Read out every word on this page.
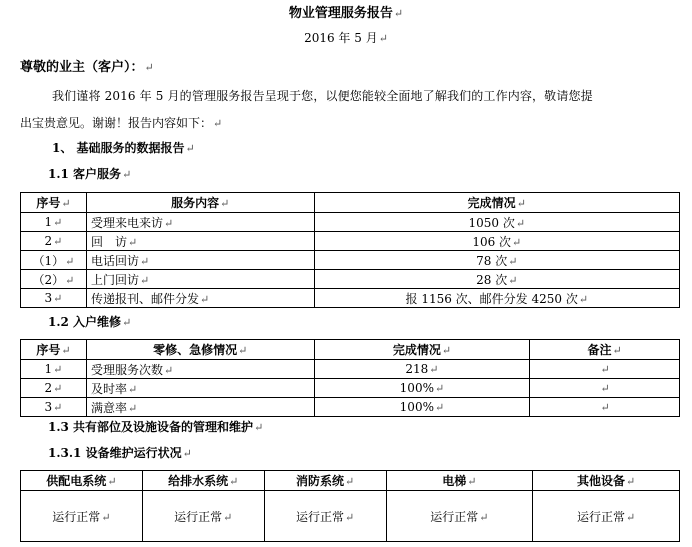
物业管理服务报告↵
2016 年 5 月↵
尊敬的业主（客户）：↵
我们谨将 2016 年 5 月的管理服务报告呈现于您，以便您能较全面地了解我们的工作内容，敬请您提
出宝贵意见。谢谢！报告内容如下：↵
1、 基础服务的数据报告↵
1.1 客户服务↵
序号↵	服务内容↵	完成情况↵
1↵	受理来电来访↵	1050 次↵
2↵	回　访↵	106 次↵
（1）↵	电话回访↵	78 次↵
（2）↵	上门回访↵	28 次↵
3↵	传递报刊、邮件分发↵	报 1156 次、邮件分发 4250 次↵
1.2 入户维修↵
序号↵	零修、急修情况↵	完成情况↵	备注↵
1↵	受理服务次数↵	218↵	↵
2↵	及时率↵	100%↵	↵
3↵	满意率↵	100%↵	↵
1.3 共有部位及设施设备的管理和维护↵
1.3.1 设备维护运行状况↵
供配电系统↵	给排水系统↵	消防系统↵	电梯↵	其他设备↵
运行正常↵	运行正常↵	运行正常↵	运行正常↵	运行正常↵
